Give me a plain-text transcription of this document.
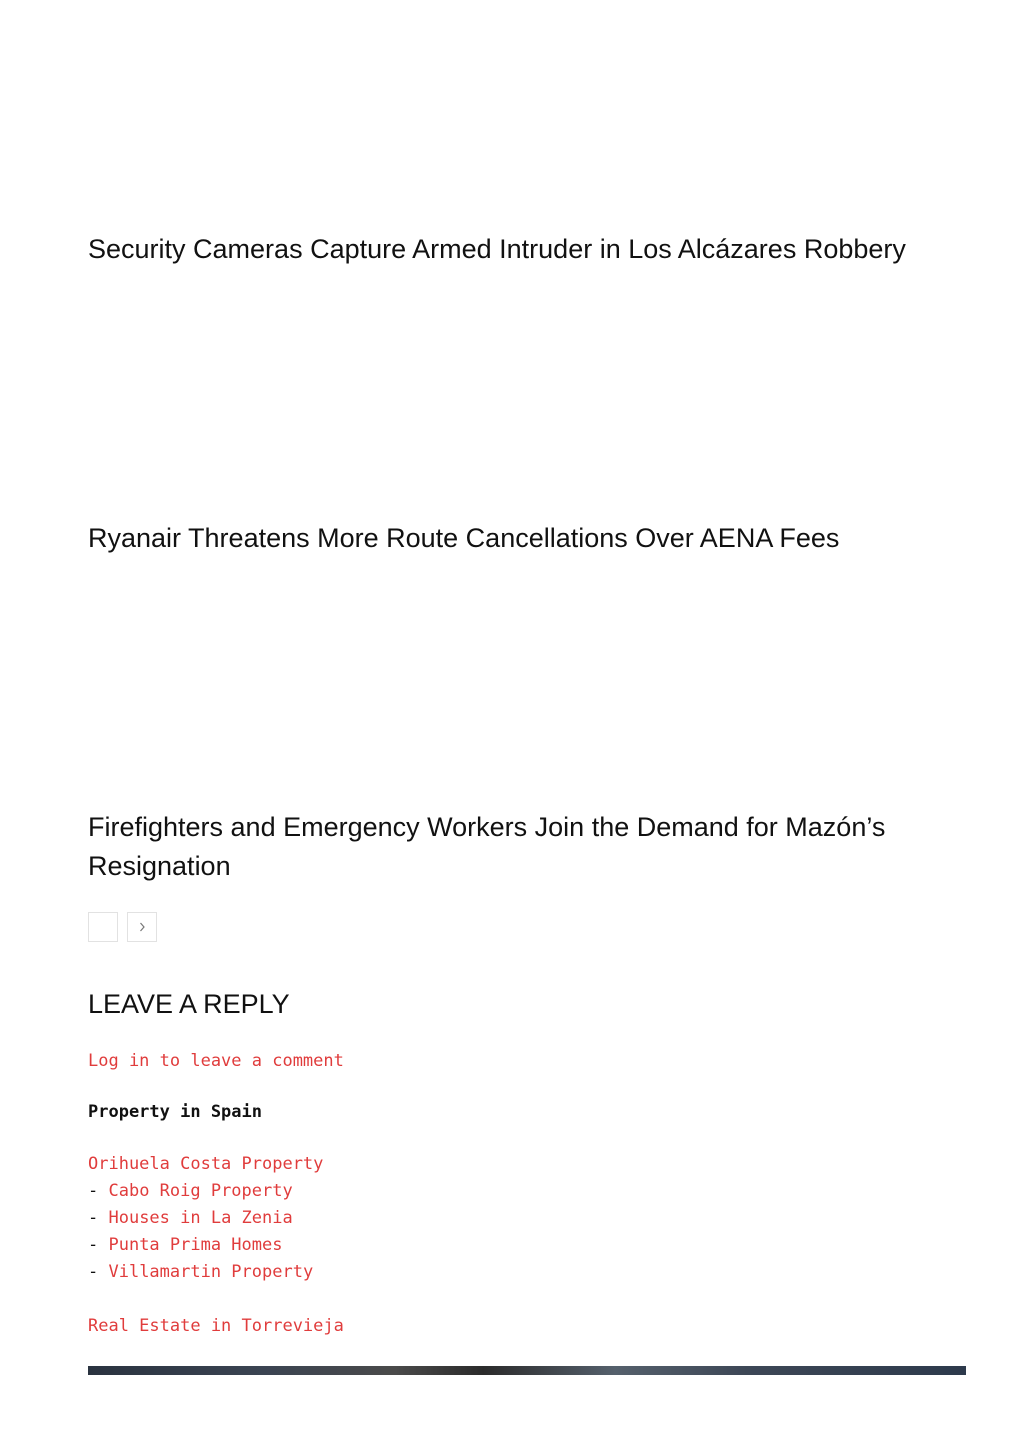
Security Cameras Capture Armed Intruder in Los Alcázares Robbery
Ryanair Threatens More Route Cancellations Over AENA Fees
Firefighters and Emergency Workers Join the Demand for Mazón’s Resignation
LEAVE A REPLY
Log in to leave a comment

Property in Spain

Orihuela Costa Property
- Cabo Roig Property
- Houses in La Zenia
- Punta Prima Homes
- Villamartin Property
Real Estate in Torrevieja
